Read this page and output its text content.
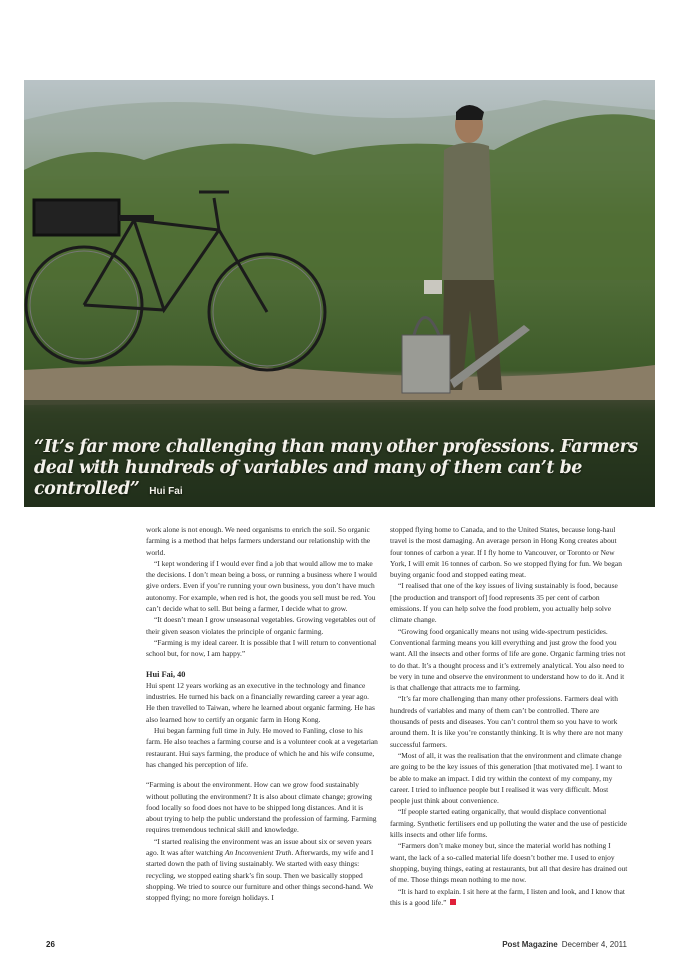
“It’s far more challenging than many other professions. Farmers deal with hundreds of variables and many of them can’t be controlled” Hui Fai

work alone is not enough. We need organisms to enrich the soil. So organic farming is a method that helps farmers understand our relationship with the world.

“I kept wondering if I would ever find a job that would allow me to make the decisions. I don’t mean being a boss, or running a business where I would give orders. Even if you’re running your own business, you don’t have much autonomy. For example, when red is hot, the goods you sell must be red. You can’t decide what to sell. But being a farmer, I decide what to grow.

“It doesn’t mean I grow unseasonal vegetables. Growing vegetables out of their given season violates the principle of organic farming.

“Farming is my ideal career. It is possible that I will return to conventional school but, for now, I am happy.”

Hui Fai, 40

Hui spent 12 years working as an executive in the technology and finance industries. He turned his back on a financially rewarding career a year ago. He then travelled to Taiwan, where he learned about organic farming. He has also learned how to certify an organic farm in Hong Kong.

Hui began farming full time in July. He moved to Fanling, close to his farm. He also teaches a farming course and is a volunteer cook at a vegetarian restaurant. Hui says farming, the produce of which he and his wife consume, has changed his perception of life.

“Farming is about the environment. How can we grow food sustainably without polluting the environment? It is also about climate change; growing food locally so food does not have to be shipped long distances. And it is about trying to help the public understand the profession of farming. Farming requires tremendous technical skill and knowledge.

“I started realising the environment was an issue about six or seven years ago. It was after watching An Inconvenient Truth. Afterwards, my wife and I started down the path of living sustainably. We started with easy things: recycling, we stopped eating shark’s fin soup. Then we basically stopped shopping. We tried to source our furniture and other things second-hand. We stopped flying; no more foreign holidays. I

stopped flying home to Canada, and to the United States, because long-haul travel is the most damaging. An average person in Hong Kong creates about four tonnes of carbon a year. If I fly home to Vancouver, or Toronto or New York, I will emit 16 tonnes of carbon. So we stopped flying for fun. We began buying organic food and stopped eating meat.

“I realised that one of the key issues of living sustainably is food, because [the production and transport of] food represents 35 per cent of carbon emissions. If you can help solve the food problem, you actually help solve climate change.

“Growing food organically means not using wide-spectrum pesticides. Conventional farming means you kill everything and just grow the food you want. All the insects and other forms of life are gone. Organic farming tries not to do that. It’s a thought process and it’s extremely analytical. You also need to be very in tune and observe the environment to understand how to do it. And it is that challenge that attracts me to farming.

“It’s far more challenging than many other professions. Farmers deal with hundreds of variables and many of them can’t be controlled. There are thousands of pests and diseases. You can’t control them so you have to work around them. It is like you’re constantly thinking. It is why there are not many successful farmers.

“Most of all, it was the realisation that the environment and climate change are going to be the key issues of this generation [that motivated me]. I want to be able to make an impact. I did try within the context of my company, my career. I tried to influence people but I realised it was very difficult. Most people just think about convenience.

“If people started eating organically, that would displace conventional farming. Synthetic fertilisers end up polluting the water and the use of pesticide kills insects and other life forms.

“Farmers don’t make money but, since the material world has nothing I want, the lack of a so-called material life doesn’t bother me. I used to enjoy shopping, buying things, eating at restaurants, but all that desire has drained out of me. Those things mean nothing to me now.

“It is hard to explain. I sit here at the farm, I listen and look, and I know that this is a good life.”

26	Post Magazine December 4, 2011
